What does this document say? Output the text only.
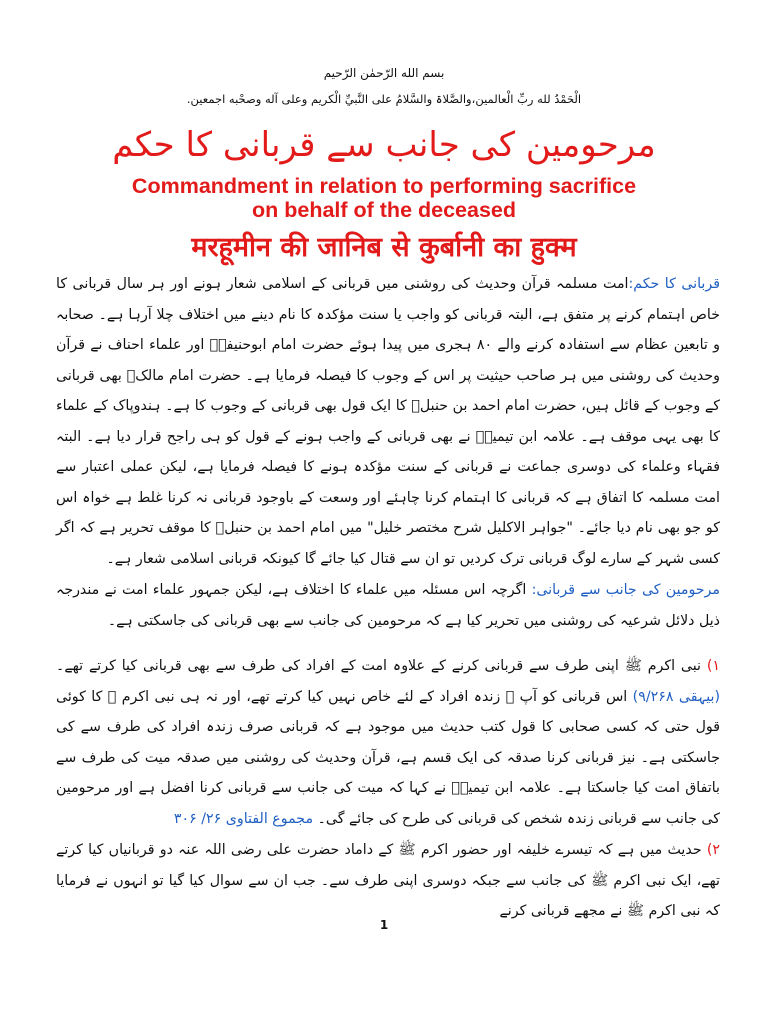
بسم الله الرّحمٰن الرّحيم
الْحَمْدُ لله ربِّ الْعالمين،والصَّلاۃ والسَّلامُ على النَّبيِّ الْكريم وعلى آله وصحْبه اجمعين.
مرحومین کی جانب سے قربانی کا حکم
Commandment in relation to performing sacrifice
on behalf of the deceased
मरहूमीन की जानिब से कुर्बानी का हुक्म

قربانی کا حکم:امت مسلمہ قرآن وحدیث کی روشنی میں قربانی کے اسلامی شعار ہونے اور ہر سال قربانی کا خاص اہتمام کرنے پر متفق ہے، البتہ قربانی کو واجب یا سنت مؤکدہ کا نام دینے میں اختلاف چلا آرہا ہے۔ صحابہ و تابعین عظام سے استفادہ کرنے والے ۸۰ ہجری میں پیدا ہوئے حضرت امام ابوحنیفہؒ اور علماء احناف نے قرآن وحدیث کی روشنی میں ہر صاحب حیثیت پر اس کے وجوب کا فیصلہ فرمایا ہے۔ حضرت امام مالکؒ بھی قربانی کے وجوب کے قائل ہیں، حضرت امام احمد بن حنبلؒ کا ایک قول بھی قربانی کے وجوب کا ہے۔ ہندوپاک کے علماء کا بھی یہی موقف ہے۔ علامہ ابن تیمیہؒ نے بھی قربانی کے واجب ہونے کے قول کو ہی راجح قرار دیا ہے۔ البتہ فقہاء وعلماء کی دوسری جماعت نے قربانی کے سنت مؤکدہ ہونے کا فیصلہ فرمایا ہے، لیکن عملی اعتبار سے امت مسلمہ کا اتفاق ہے کہ قربانی کا اہتمام کرنا چاہئے اور وسعت کے باوجود قربانی نہ کرنا غلط ہے خواہ اس کو جو بھی نام دیا جائے۔ "جواہر الاکلیل شرح مختصر خلیل" میں امام احمد بن حنبلؒ کا موقف تحریر ہے کہ اگر کسی شہر کے سارے لوگ قربانی ترک کردیں تو ان سے قتال کیا جائے گا کیونکہ قربانی اسلامی شعار ہے۔

مرحومین کی جانب سے قربانی: اگرچہ اس مسئلہ میں علماء کا اختلاف ہے، لیکن جمہور علماء امت نے مندرجہ ذیل دلائل شرعیہ کی روشنی میں تحریر کیا ہے کہ مرحومین کی جانب سے بھی قربانی کی جاسکتی ہے۔

۱) نبی اکرم ﷺ اپنی طرف سے قربانی کرنے کے علاوہ امت کے افراد کی طرف سے بھی قربانی کیا کرتے تھے۔(بیہقی ۹/۲۶۸) اس قربانی کو آپ ﷺ زندہ افراد کے لئے خاص نہیں کیا کرتے تھے، اور نہ ہی نبی اکرم ﷺ کا کوئی قول حتی کہ کسی صحابی کا قول کتب حدیث میں موجود ہے کہ قربانی صرف زندہ افراد کی طرف سے کی جاسکتی ہے۔ نیز قربانی کرنا صدقہ کی ایک قسم ہے، قرآن وحدیث کی روشنی میں صدقہ میت کی طرف سے باتفاق امت کیا جاسکتا ہے۔ علامہ ابن تیمیہؒ نے کہا کہ میت کی جانب سے قربانی کرنا افضل ہے اور مرحومین کی جانب سے قربانی زندہ شخص کی قربانی کی طرح کی جائے گی۔ مجموع الفتاوی ۲۶/ ۳۰۶

۲) حدیث میں ہے کہ تیسرے خلیفہ اور حضور اکرم ﷺ کے داماد حضرت علی رضی اللہ عنہ دو قربانیاں کیا کرتے تھے، ایک نبی اکرم ﷺ کی جانب سے جبکہ دوسری اپنی طرف سے۔ جب ان سے سوال کیا گیا تو انہوں نے فرمایا کہ نبی اکرم ﷺ نے مجھے قربانی کرنے

1
